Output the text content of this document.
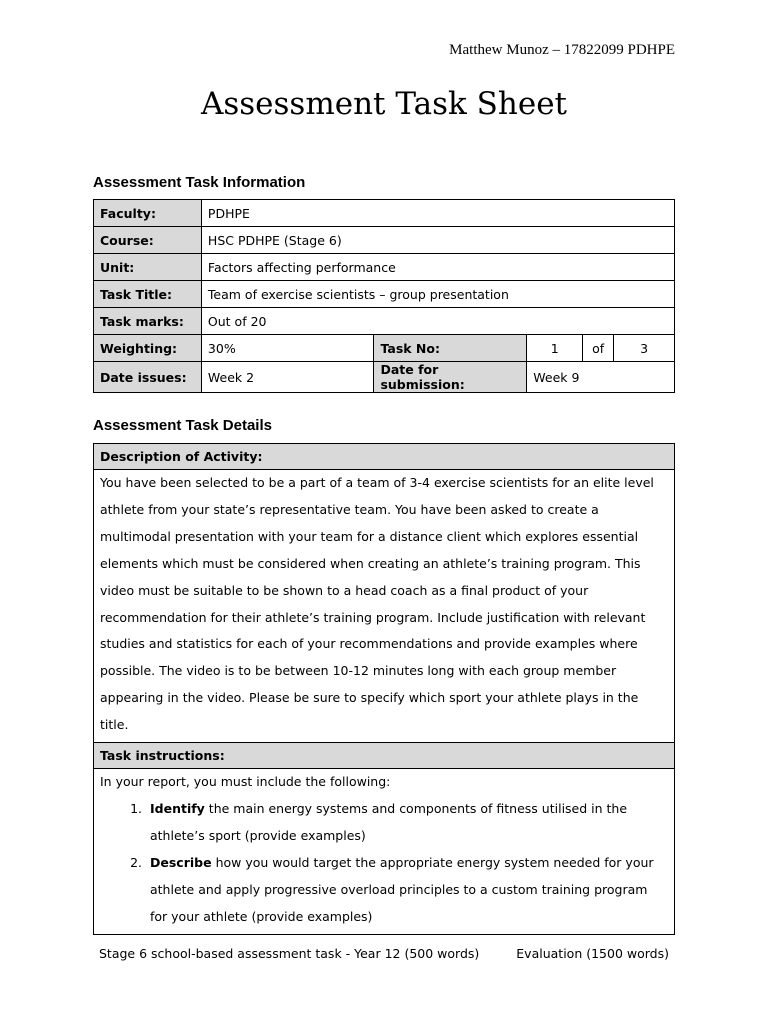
Matthew Munoz – 17822099 PDHPE
Assessment Task Sheet
Assessment Task Information
Faculty:	PDHPE				
Course:	HSC PDHPE (Stage 6)				
Unit:	Factors affecting performance				
Task Title:	Team of exercise scientists – group presentation				
Task marks:	Out of 20				
Weighting:	30%	Task No:	1	of	3
Date issues:	Week 2	Date for submission:	Week 9		
Assessment Task Details
Description of Activity:
You have been selected to be a part of a team of 3-4 exercise scientists for an elite level athlete from your state’s representative team. You have been asked to create a multimodal presentation with your team for a distance client which explores essential elements which must be considered when creating an athlete’s training program. This video must be suitable to be shown to a head coach as a final product of your recommendation for their athlete’s training program. Include justification with relevant studies and statistics for each of your recommendations and provide examples where possible. The video is to be between 10-12 minutes long with each group member appearing in the video. Please be sure to specify which sport your athlete plays in the title.
Task instructions:

In your report, you must include the following:
1. Identify the main energy systems and components of fitness utilised in the athlete’s sport (provide examples)
2. Describe how you would target the appropriate energy system needed for your athlete and apply progressive overload principles to a custom training program for your athlete (provide examples)
Stage 6 school-based assessment task - Year 12 (500 words)	Evaluation (1500 words)
